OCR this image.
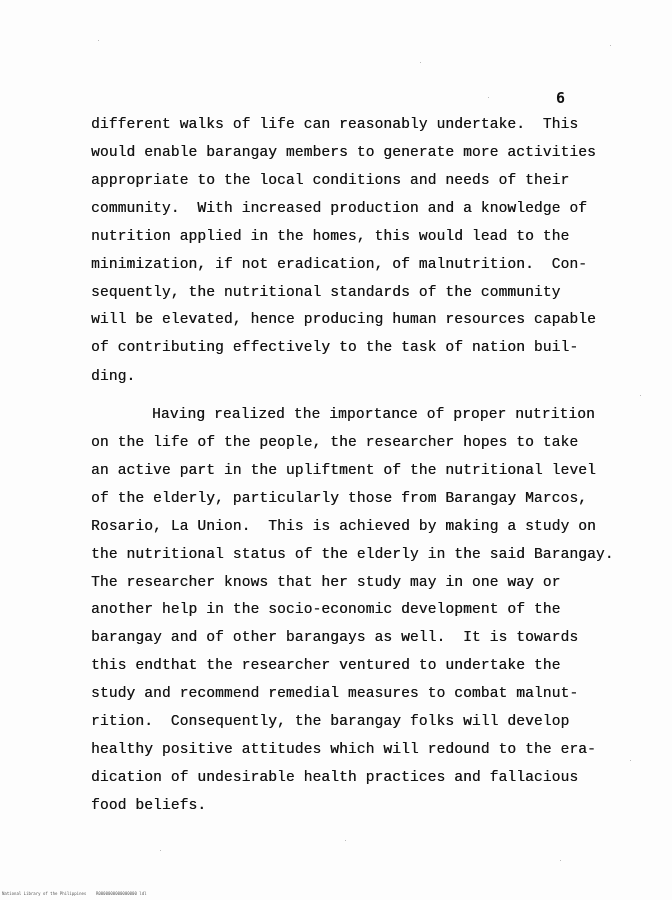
6
different walks of life can reasonably undertake.  This
would enable barangay members to generate more activities
appropriate to the local conditions and needs of their
community.  With increased production and a knowledge of
nutrition applied in the homes, this would lead to the
minimization, if not eradication, of malnutrition.  Con-
sequently, the nutritional standards of the community
will be elevated, hence producing human resources capable
of contributing effectively to the task of nation buil-
ding.
Having realized the importance of proper nutrition
on the life of the people, the researcher hopes to take
an active part in the upliftment of the nutritional level
of the elderly, particularly those from Barangay Marcos,
Rosario, La Union.  This is achieved by making a study on
the nutritional status of the elderly in the said Barangay.
The researcher knows that her study may in one way or
another help in the socio-economic development of the
barangay and of other barangays as well.  It is towards
this endthat the researcher ventured to undertake the
study and recommend remedial measures to combat malnut-
rition.  Consequently, the barangay folks will develop
healthy positive attitudes which will redound to the era-
dication of undesirable health practices and fallacious
food beliefs.
National Library of the Philippines R0000000000000000 ldl
